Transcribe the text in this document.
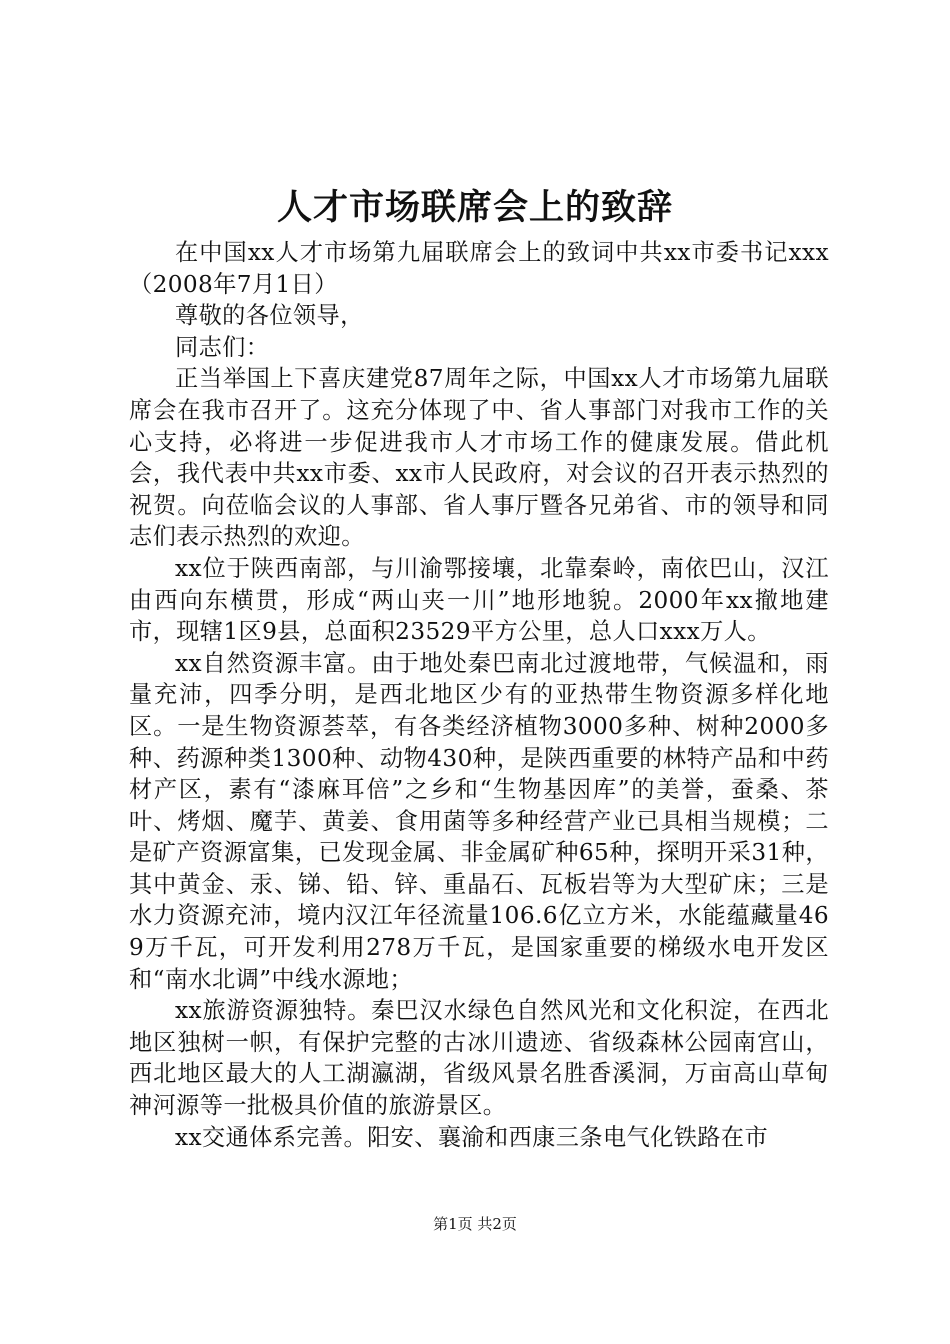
人才市场联席会上的致辞

在中国xx人才市场第九届联席会上的致词中共xx市委书记xxx（2008年7月1日）

尊敬的各位领导，

同志们：

正当举国上下喜庆建党87周年之际，中国xx人才市场第九届联席会在我市召开了。这充分体现了中、省人事部门对我市工作的关心支持，必将进一步促进我市人才市场工作的健康发展。借此机会，我代表中共xx市委、xx市人民政府，对会议的召开表示热烈的祝贺。向莅临会议的人事部、省人事厅暨各兄弟省、市的领导和同志们表示热烈的欢迎。

xx位于陕西南部，与川渝鄂接壤，北靠秦岭，南依巴山，汉江由西向东横贯，形成“两山夹一川”地形地貌。2000年xx撤地建市，现辖1区9县，总面积23529平方公里，总人口xxx万人。

xx自然资源丰富。由于地处秦巴南北过渡地带，气候温和，雨量充沛，四季分明，是西北地区少有的亚热带生物资源多样化地区。一是生物资源荟萃，有各类经济植物3000多种、树种2000多种、药源种类1300种、动物430种，是陕西重要的林特产品和中药材产区，素有“漆麻耳倍”之乡和“生物基因库”的美誉，蚕桑、茶叶、烤烟、魔芋、黄姜、食用菌等多种经营产业已具相当规模；二是矿产资源富集，已发现金属、非金属矿种65种，探明开采31种，其中黄金、汞、锑、铅、锌、重晶石、瓦板岩等为大型矿床；三是水力资源充沛，境内汉江年径流量106.6亿立方米，水能蕴藏量469万千瓦，可开发利用278万千瓦，是国家重要的梯级水电开发区和“南水北调”中线水源地；

xx旅游资源独特。秦巴汉水绿色自然风光和文化积淀，在西北地区独树一帜，有保护完整的古冰川遗迹、省级森林公园南宫山，西北地区最大的人工湖瀛湖，省级风景名胜香溪洞，万亩高山草甸神河源等一批极具价值的旅游景区。

xx交通体系完善。阳安、襄渝和西康三条电气化铁路在市

第1页 共2页
